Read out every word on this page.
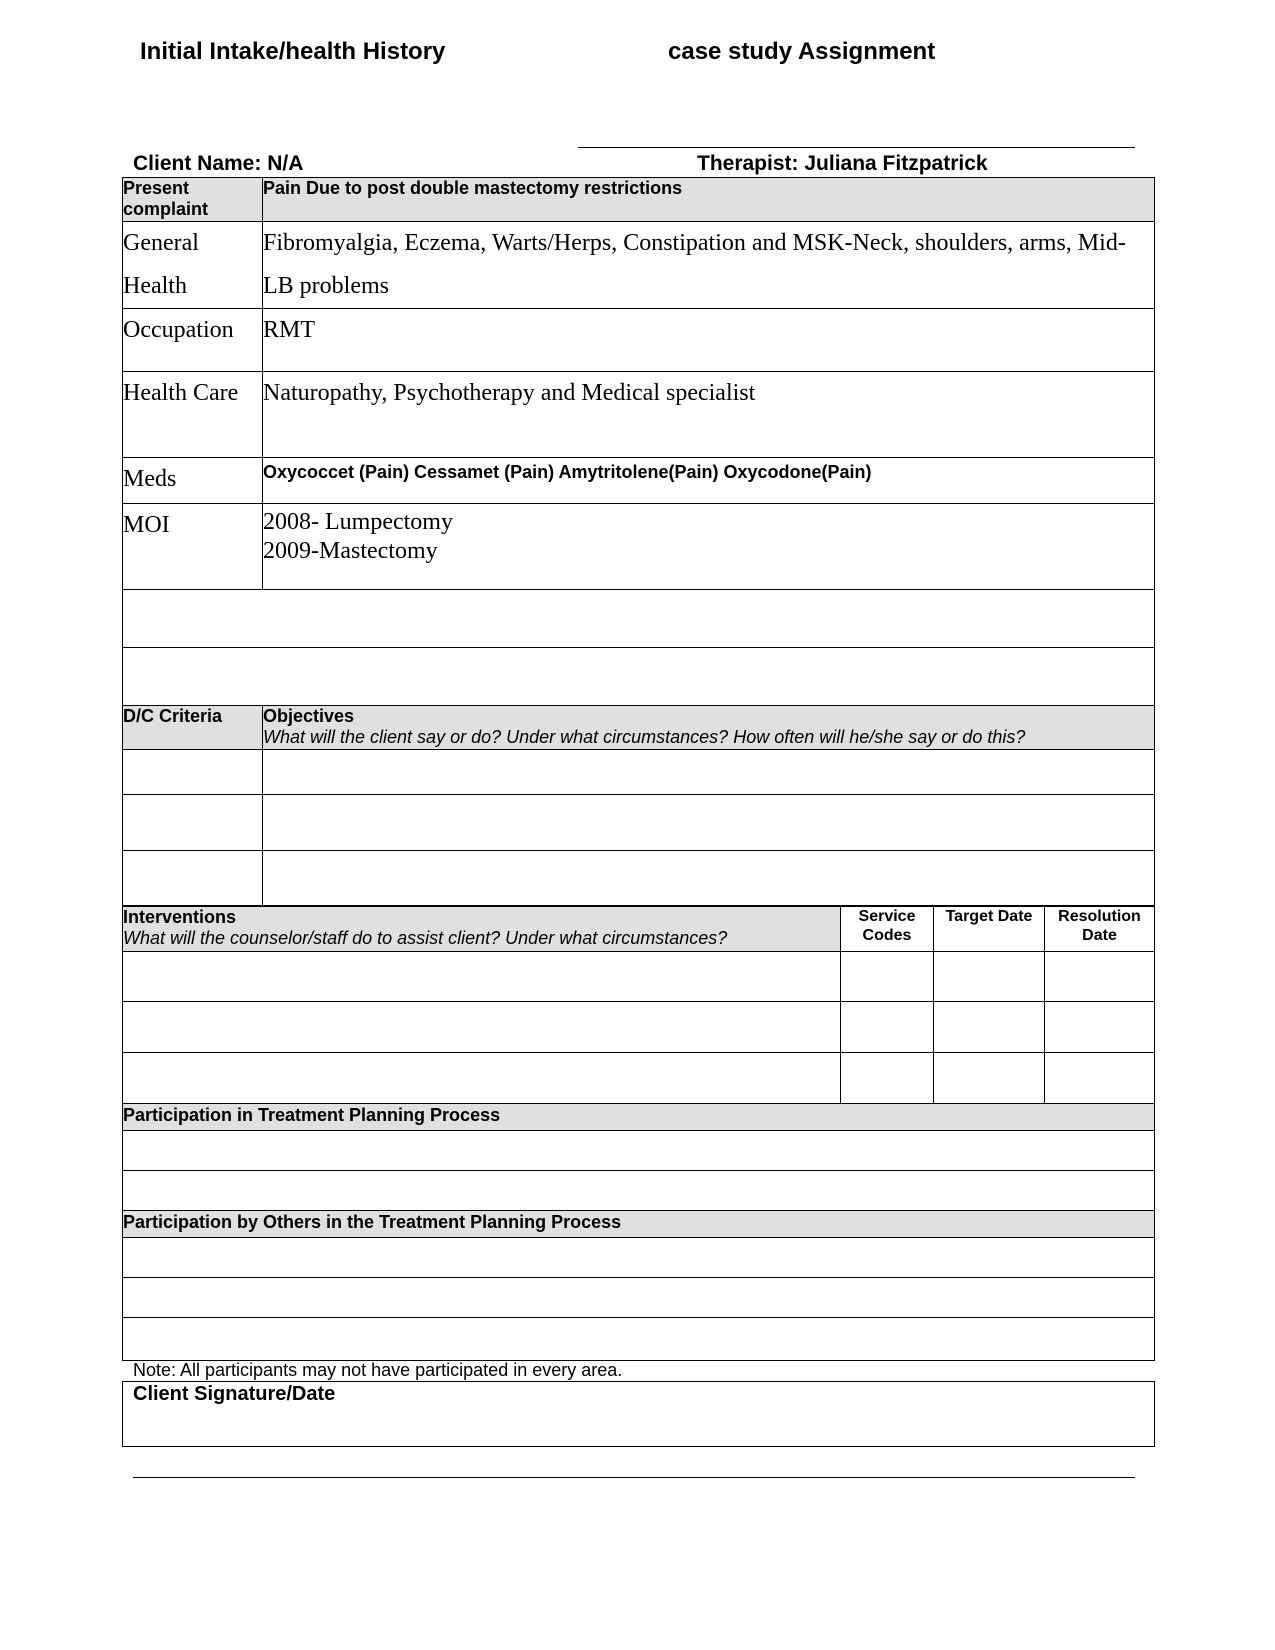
Initial Intake/health History	case study Assignment
Client Name: N/A	Therapist: Juliana Fitzpatrick
Present complaint	Pain Due to post double mastectomy restrictions
General Health	Fibromyalgia, Eczema, Warts/Herps, Constipation and MSK-Neck, shoulders, arms, Mid- LB problems
Occupation	RMT
Health Care	Naturopathy, Psychotherapy and Medical specialist
Meds	Oxycoccet (Pain) Cessamet (Pain) Amytritolene(Pain) Oxycodone(Pain)
MOI	2008- Lumpectomy
2009-Mastectomy

D/C Criteria	Objectives
What will the client say or do? Under what circumstances? How often will he/she say or do this?

Interventions
What will the counselor/staff do to assist client? Under what circumstances?	Service Codes	Target Date	Resolution Date

Participation in Treatment Planning Process

Participation by Others in the Treatment Planning Process

Note: All participants may not have participated in every area.
Client Signature/Date
